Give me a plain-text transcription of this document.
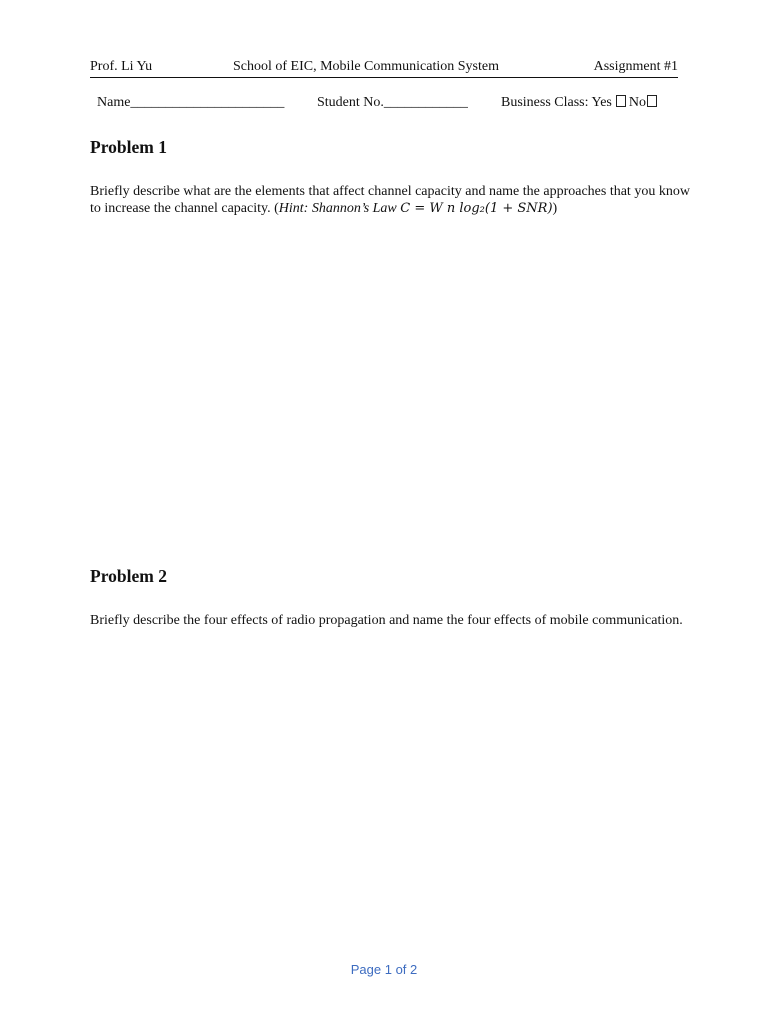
Prof. Li Yu	School of EIC, Mobile Communication System	Assignment #1
Name______________________ Student No.____________ Business Class: Yes No
Problem 1
Briefly describe what are the elements that affect channel capacity and name the approaches that you know to increase the channel capacity. (Hint: Shannon’s Law C = W n log₂(1 + SNR))
Problem 2
Briefly describe the four effects of radio propagation and name the four effects of mobile communication.
Page 1 of 2
